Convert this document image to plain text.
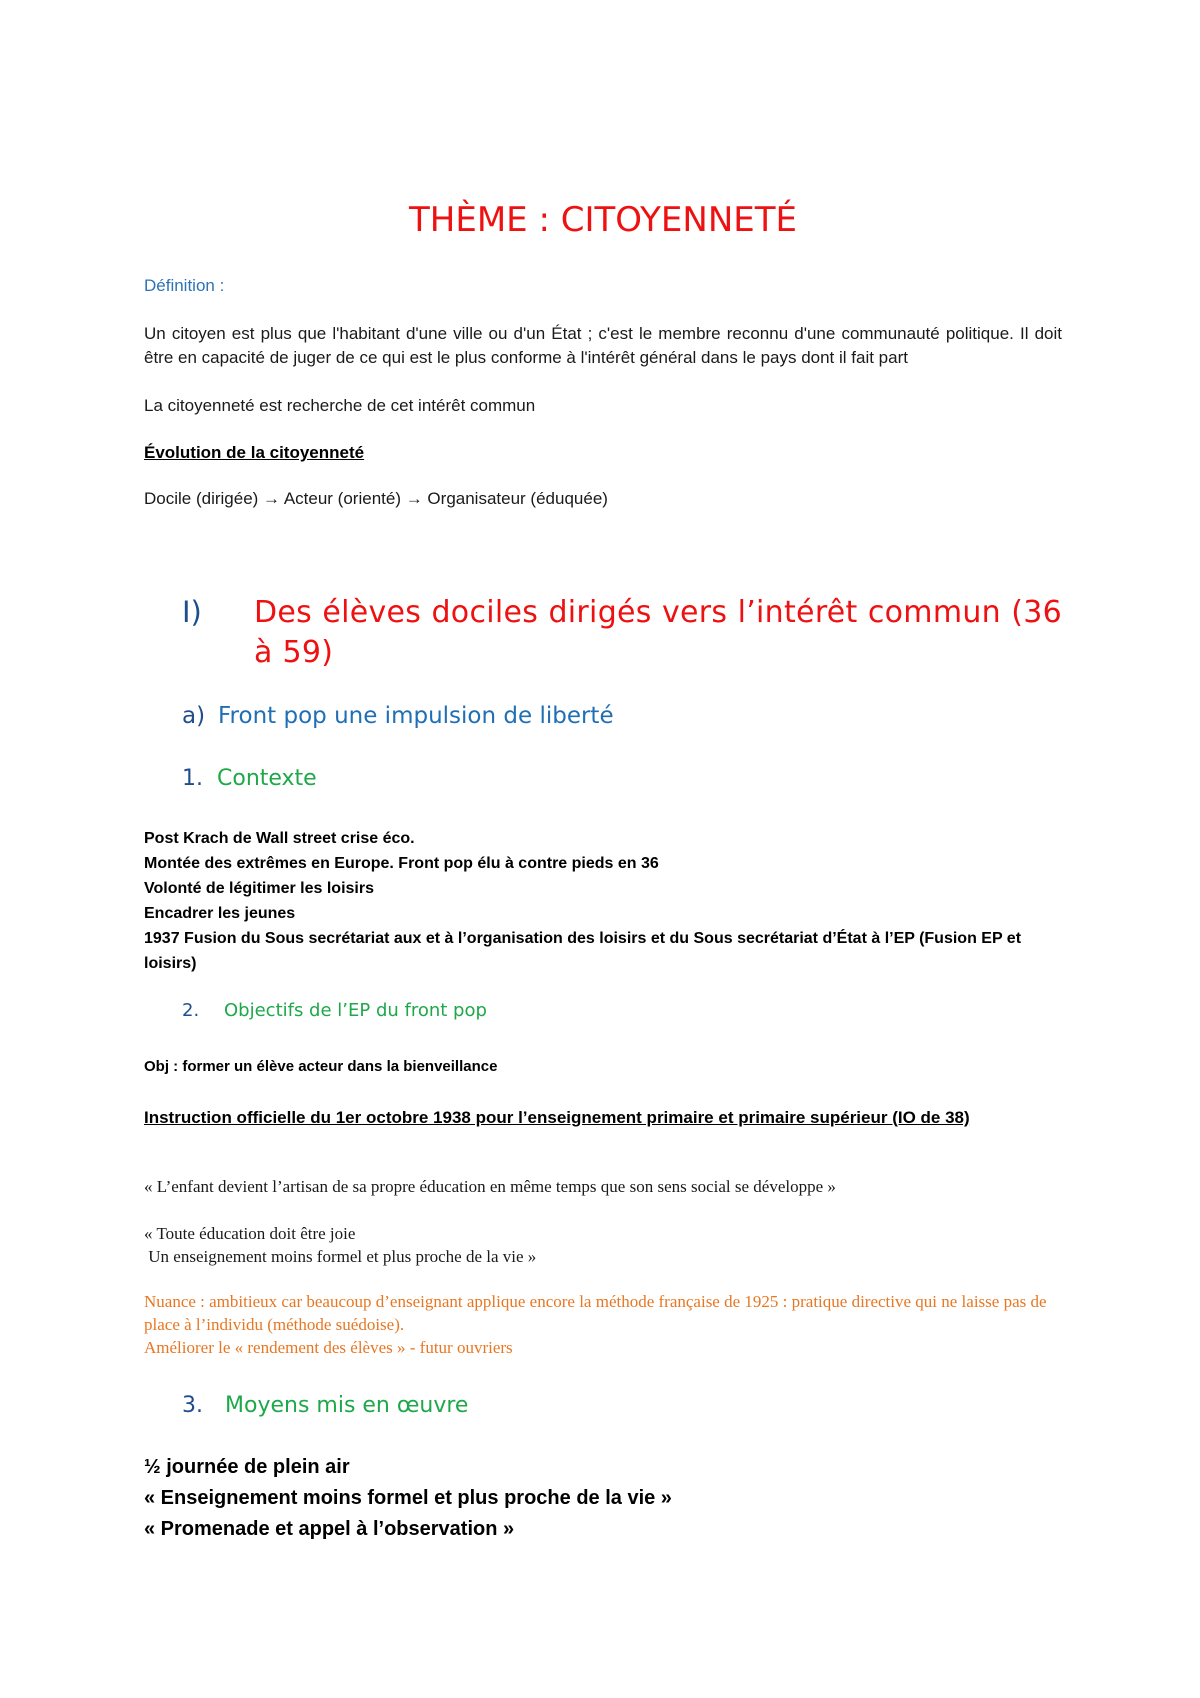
THÈME : CITOYENNETÉ
Définition :
Un citoyen est plus que l'habitant d'une ville ou d'un État ; c'est le membre reconnu d'une communauté politique. Il doit être en capacité de juger de ce qui est le plus conforme à l'intérêt général dans le pays dont il fait part
La citoyenneté est recherche de cet intérêt commun
Évolution de la citoyenneté
Docile (dirigée) → Acteur (orienté) → Organisateur (éduquée)
I) Des élèves dociles dirigés vers l’intérêt commun (36 à 59)
a) Front pop une impulsion de liberté
1. Contexte
Post Krach de Wall street crise éco.
Montée des extrêmes en Europe. Front pop élu à contre pieds en 36
Volonté de légitimer les loisirs
Encadrer les jeunes
1937 Fusion du Sous secrétariat aux et à l’organisation des loisirs et du Sous secrétariat d’État à l’EP (Fusion EP et loisirs)
2. Objectifs de l’EP du front pop
Obj : former un élève acteur dans la bienveillance
Instruction officielle du 1er octobre 1938 pour l’enseignement primaire et primaire supérieur (IO de 38)
« L’enfant devient l’artisan de sa propre éducation en même temps que son sens social se développe »
« Toute éducation doit être joie
Un enseignement moins formel et plus proche de la vie »
Nuance : ambitieux car beaucoup d’enseignant applique encore la méthode française de 1925 : pratique directive qui ne laisse pas de place à l’individu (méthode suédoise).
Améliorer le « rendement des élèves » - futur ouvriers
3. Moyens mis en œuvre
½ journée de plein air
« Enseignement moins formel et plus proche de la vie »
« Promenade et appel à l’observation »
